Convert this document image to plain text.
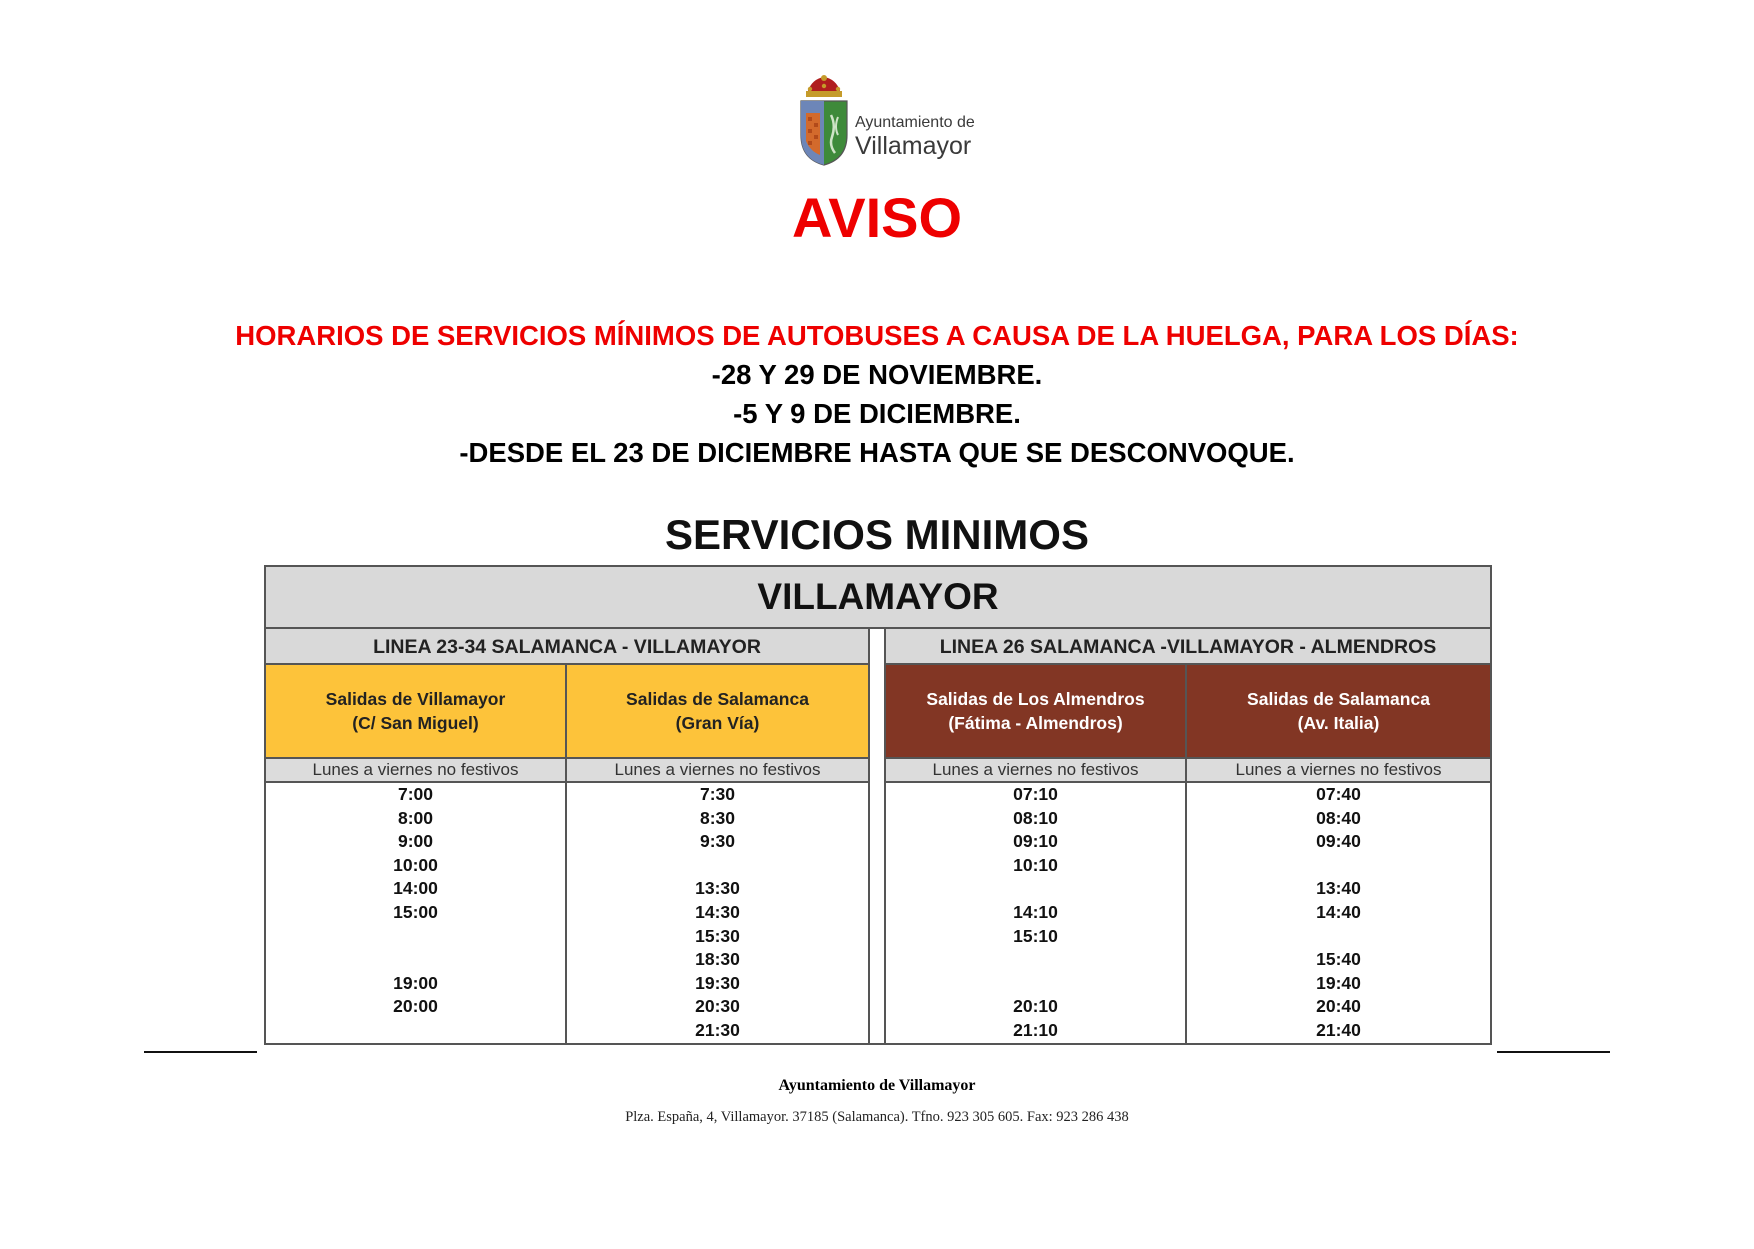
Ayuntamiento de
Villamayor
AVISO
HORARIOS DE SERVICIOS MÍNIMOS DE AUTOBUSES A CAUSA DE LA HUELGA, PARA LOS DÍAS:
-28 Y 29 DE NOVIEMBRE.
-5 Y 9 DE DICIEMBRE.
-DESDE EL 23 DE DICIEMBRE HASTA QUE SE DESCONVOQUE.
SERVICIOS MINIMOS
VILLAMAYOR
LINEA 23-34 SALAMANCA - VILLAMAYOR	LINEA 26 SALAMANCA -VILLAMAYOR - ALMENDROS
Salidas de Villamayor
(C/ San Miguel)
Lunes a viernes no festivos
7:00
8:00
9:00
10:00
14:00
15:00
19:00
20:00
Salidas de Salamanca
(Gran Vía)
Lunes a viernes no festivos
7:30
8:30
9:30
13:30
14:30
15:30
18:30
19:30
20:30
21:30
Salidas de Los Almendros
(Fátima - Almendros)
Lunes a viernes no festivos
07:10
08:10
09:10
10:10
14:10
15:10
20:10
21:10
Salidas de Salamanca
(Av. Italia)
Lunes a viernes no festivos
07:40
08:40
09:40
13:40
14:40
15:40
19:40
20:40
21:40
Ayuntamiento de Villamayor
Plza. España, 4, Villamayor. 37185 (Salamanca). Tfno. 923 305 605. Fax: 923 286 438
